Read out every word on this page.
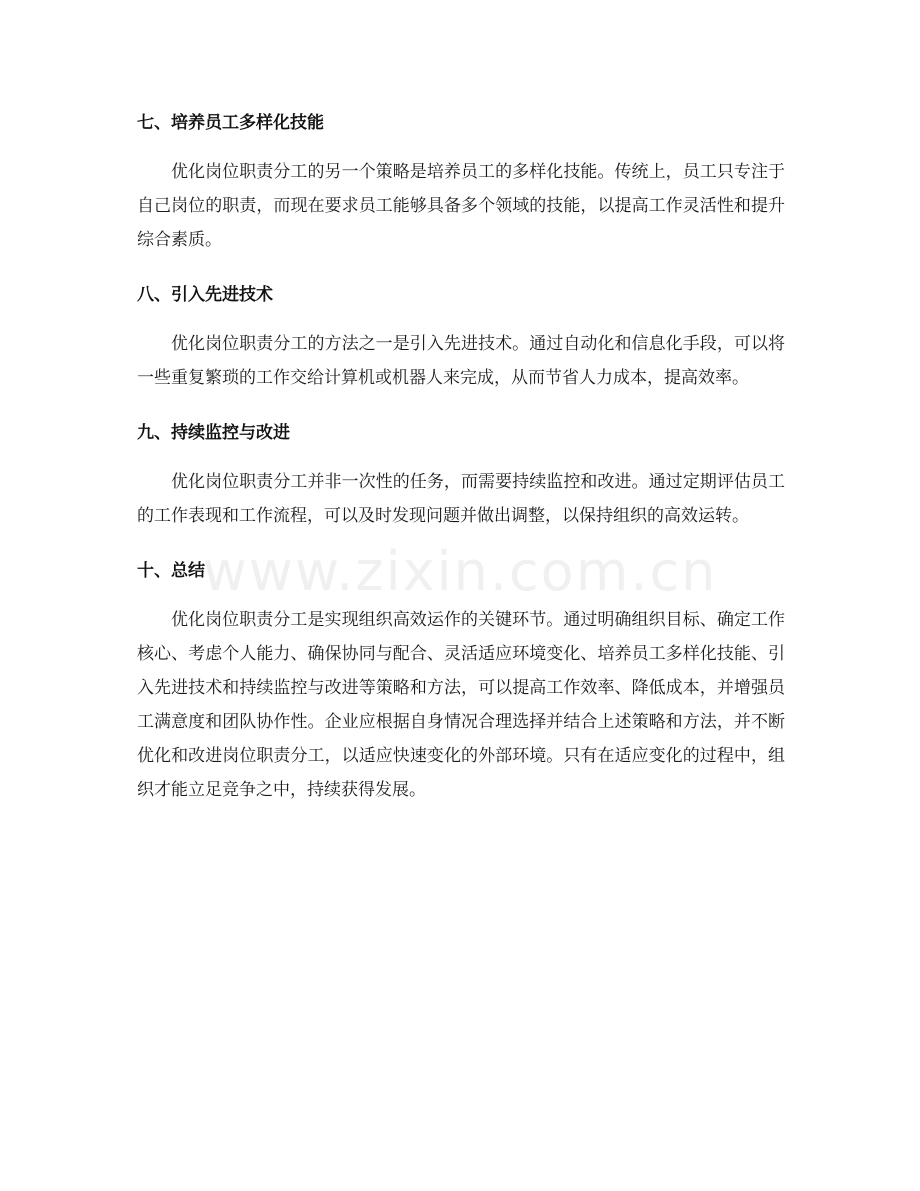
七、培养员工多样化技能

优化岗位职责分工的另一个策略是培养员工的多样化技能。传统上，员工只专注于自己岗位的职责，而现在要求员工能够具备多个领域的技能，以提高工作灵活性和提升综合素质。

八、引入先进技术

优化岗位职责分工的方法之一是引入先进技术。通过自动化和信息化手段，可以将一些重复繁琐的工作交给计算机或机器人来完成，从而节省人力成本，提高效率。

九、持续监控与改进

优化岗位职责分工并非一次性的任务，而需要持续监控和改进。通过定期评估员工的工作表现和工作流程，可以及时发现问题并做出调整，以保持组织的高效运转。

十、总结

优化岗位职责分工是实现组织高效运作的关键环节。通过明确组织目标、确定工作核心、考虑个人能力、确保协同与配合、灵活适应环境变化、培养员工多样化技能、引入先进技术和持续监控与改进等策略和方法，可以提高工作效率、降低成本，并增强员工满意度和团队协作性。企业应根据自身情况合理选择并结合上述策略和方法，并不断优化和改进岗位职责分工，以适应快速变化的外部环境。只有在适应变化的过程中，组织才能立足竞争之中，持续获得发展。

www.zixin.com.cn
